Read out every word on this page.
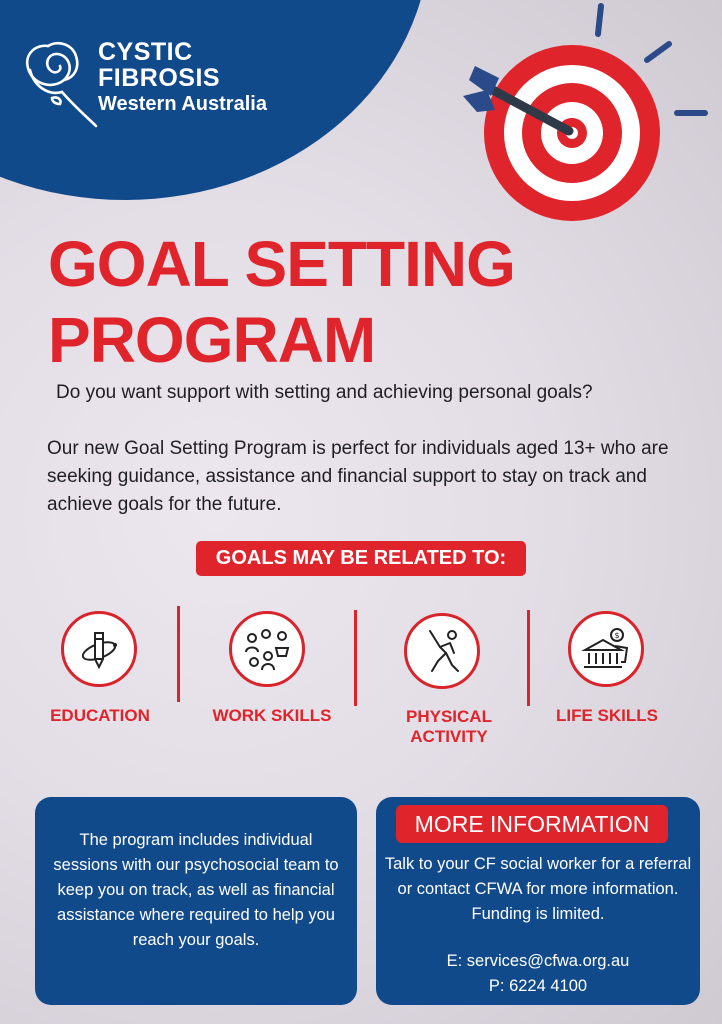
CYSTIC
FIBROSIS
Western Australia
GOAL SETTING
PROGRAM
Do you want support with setting and achieving personal goals?
Our new Goal Setting Program is perfect for individuals aged 13+ who are seeking guidance, assistance and financial support to stay on track and achieve goals for the future.
GOALS MAY BE RELATED TO:
$
EDUCATION	WORK SKILLS	PHYSICAL
ACTIVITY
LIFE SKILLS
The program includes individual sessions with our psychosocial team to keep you on track, as well as financial assistance where required to help you reach your goals.
MORE INFORMATION
Talk to your CF social worker for a referral or contact CFWA for more information. Funding is limited.
E: services@cfwa.org.au
P: 6224 4100
